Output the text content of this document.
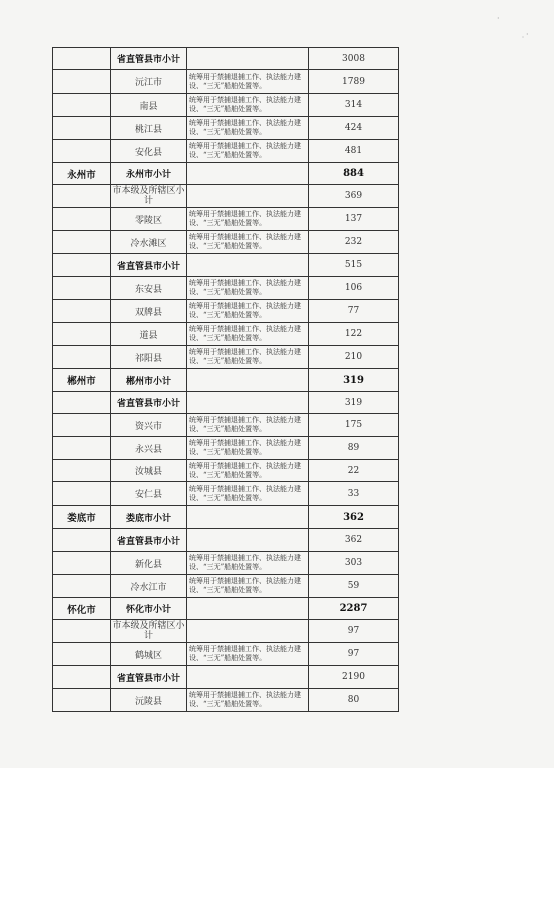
·
·
˙
	省直管县市小计		3008
	沅江市	统筹用于禁捕退捕工作、执法能力建设、“三无”船舶处置等。	1789
	南县	统筹用于禁捕退捕工作、执法能力建设、“三无”船舶处置等。	314
	桃江县	统筹用于禁捕退捕工作、执法能力建设、“三无”船舶处置等。	424
	安化县	统筹用于禁捕退捕工作、执法能力建设、“三无”船舶处置等。	481
永州市	永州市小计		884
	市本级及所辖区小计		369
	零陵区	统筹用于禁捕退捕工作、执法能力建设、“三无”船舶处置等。	137
	冷水滩区	统筹用于禁捕退捕工作、执法能力建设、“三无”船舶处置等。	232
	省直管县市小计		515
	东安县	统筹用于禁捕退捕工作、执法能力建设、“三无”船舶处置等。	106
	双牌县	统筹用于禁捕退捕工作、执法能力建设、“三无”船舶处置等。	77
	道县	统筹用于禁捕退捕工作、执法能力建设、“三无”船舶处置等。	122
	祁阳县	统筹用于禁捕退捕工作、执法能力建设、“三无”船舶处置等。	210
郴州市	郴州市小计		319
	省直管县市小计		319
	资兴市	统筹用于禁捕退捕工作、执法能力建设、“三无”船舶处置等。	175
	永兴县	统筹用于禁捕退捕工作、执法能力建设、“三无”船舶处置等。	89
	汝城县	统筹用于禁捕退捕工作、执法能力建设、“三无”船舶处置等。	22
	安仁县	统筹用于禁捕退捕工作、执法能力建设、“三无”船舶处置等。	33
娄底市	娄底市小计		362
	省直管县市小计		362
	新化县	统筹用于禁捕退捕工作、执法能力建设、“三无”船舶处置等。	303
	冷水江市	统筹用于禁捕退捕工作、执法能力建设、“三无”船舶处置等。	59
怀化市	怀化市小计		2287
	市本级及所辖区小计		97
	鹤城区	统筹用于禁捕退捕工作、执法能力建设、“三无”船舶处置等。	97
	省直管县市小计		2190
	沅陵县	统筹用于禁捕退捕工作、执法能力建设、“三无”船舶处置等。	80
